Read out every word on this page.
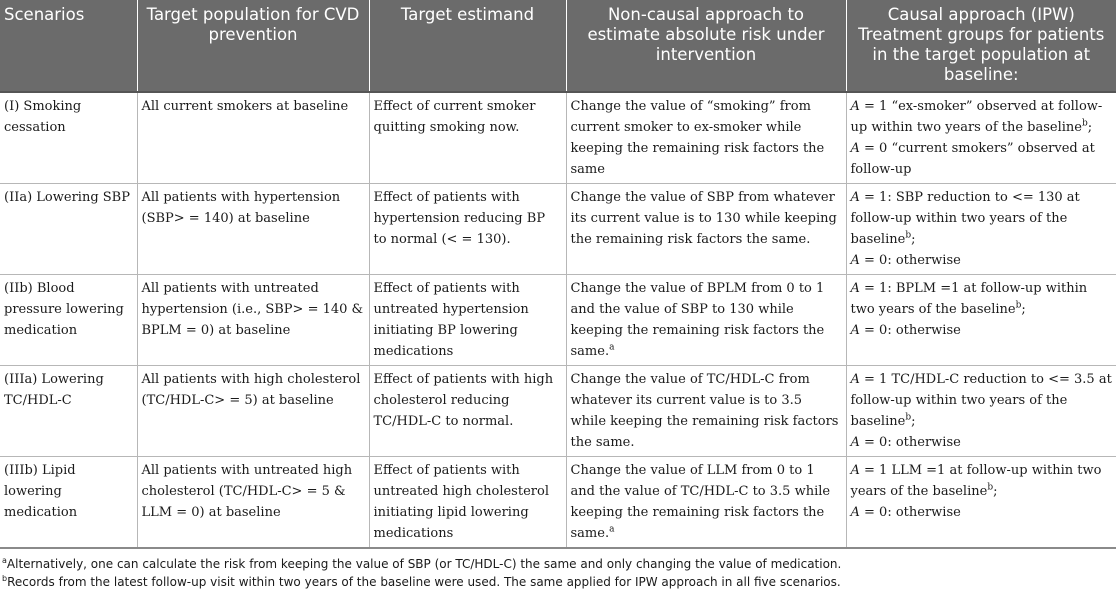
Scenarios	Target population for CVD prevention	Target estimand	Non-causal approach to estimate absolute risk under intervention	Causal approach (IPW) Treatment groups for patients in the target population at baseline:
(I) Smoking cessation	All current smokers at baseline	Effect of current smoker quitting smoking now.	Change the value of “smoking” from current smoker to ex-smoker while keeping the remaining risk factors the same	A = 1 “ex-smoker” observed at follow-up within two years of the baseline$^b$;
A = 0 “current smokers” observed at follow-up
(IIa) Lowering SBP	All patients with hypertension (SBP> = 140) at baseline	Effect of patients with hypertension reducing BP to normal (< = 130).	Change the value of SBP from whatever its current value is to 130 while keeping the remaining risk factors the same.	A = 1: SBP reduction to <= 130 at follow-up within two years of the baseline$^b$;
A = 0: otherwise
(IIb) Blood pressure lowering medication	All patients with untreated hypertension (i.e., SBP> = 140 & BPLM = 0) at baseline	Effect of patients with untreated hypertension initiating BP lowering medications	Change the value of BPLM from 0 to 1 and the value of SBP to 130 while keeping the remaining risk factors the same.$^a$	A = 1: BPLM =1 at follow-up within two years of the baseline$^b$;
A = 0: otherwise
(IIIa) Lowering TC/HDL-C	All patients with high cholesterol (TC/HDL-C> = 5) at baseline	Effect of patients with high cholesterol reducing TC/HDL-C to normal.	Change the value of TC/HDL-C from whatever its current value is to 3.5 while keeping the remaining risk factors the same.	A = 1 TC/HDL-C reduction to <= 3.5 at follow-up within two years of the baseline$^b$;
A = 0: otherwise
(IIIb) Lipid lowering medication	All patients with untreated high cholesterol (TC/HDL-C> = 5 & LLM = 0) at baseline	Effect of patients with untreated high cholesterol initiating lipid lowering medications	Change the value of LLM from 0 to 1 and the value of TC/HDL-C to 3.5 while keeping the remaining risk factors the same.$^a$	A = 1 LLM =1 at follow-up within two years of the baseline$^b$;
A = 0: otherwise
$^a$Alternatively, one can calculate the risk from keeping the value of SBP (or TC/HDL-C) the same and only changing the value of medication.
$^b$Records from the latest follow-up visit within two years of the baseline were used. The same applied for IPW approach in all five scenarios.
